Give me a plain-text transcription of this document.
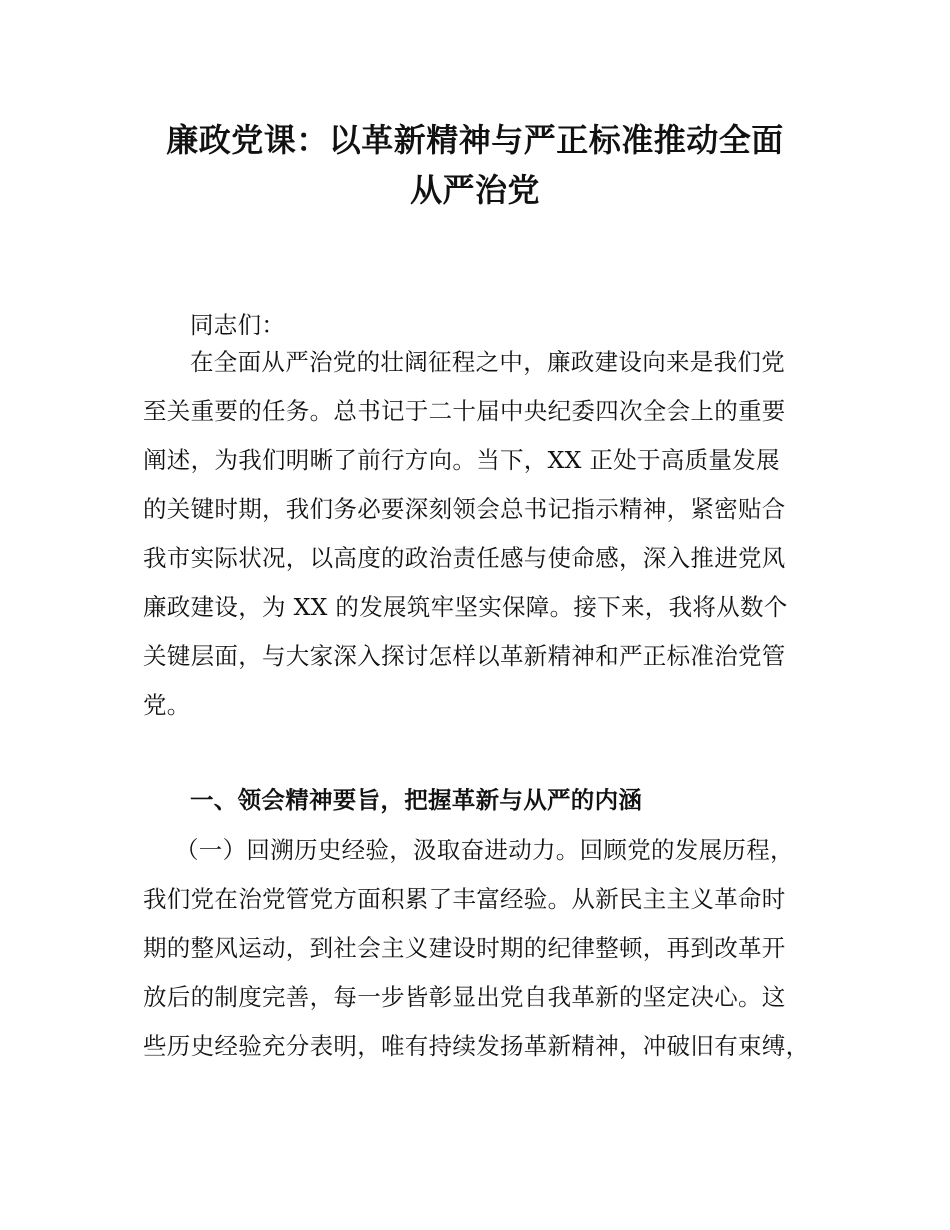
廉政党课：以革新精神与严正标准推动全面
从严治党
同志们：
在全面从严治党的壮阔征程之中，廉政建设向来是我们党
至关重要的任务。总书记于二十届中央纪委四次全会上的重要
阐述，为我们明晰了前行方向。当下，XX 正处于高质量发展
的关键时期，我们务必要深刻领会总书记指示精神，紧密贴合
我市实际状况，以高度的政治责任感与使命感，深入推进党风
廉政建设，为 XX 的发展筑牢坚实保障。接下来，我将从数个
关键层面，与大家深入探讨怎样以革新精神和严正标准治党管
党。
一、领会精神要旨，把握革新与从严的内涵
（一）回溯历史经验，汲取奋进动力。回顾党的发展历程，
我们党在治党管党方面积累了丰富经验。从新民主主义革命时
期的整风运动，到社会主义建设时期的纪律整顿，再到改革开
放后的制度完善，每一步皆彰显出党自我革新的坚定决心。这
些历史经验充分表明，唯有持续发扬革新精神，冲破旧有束缚，
